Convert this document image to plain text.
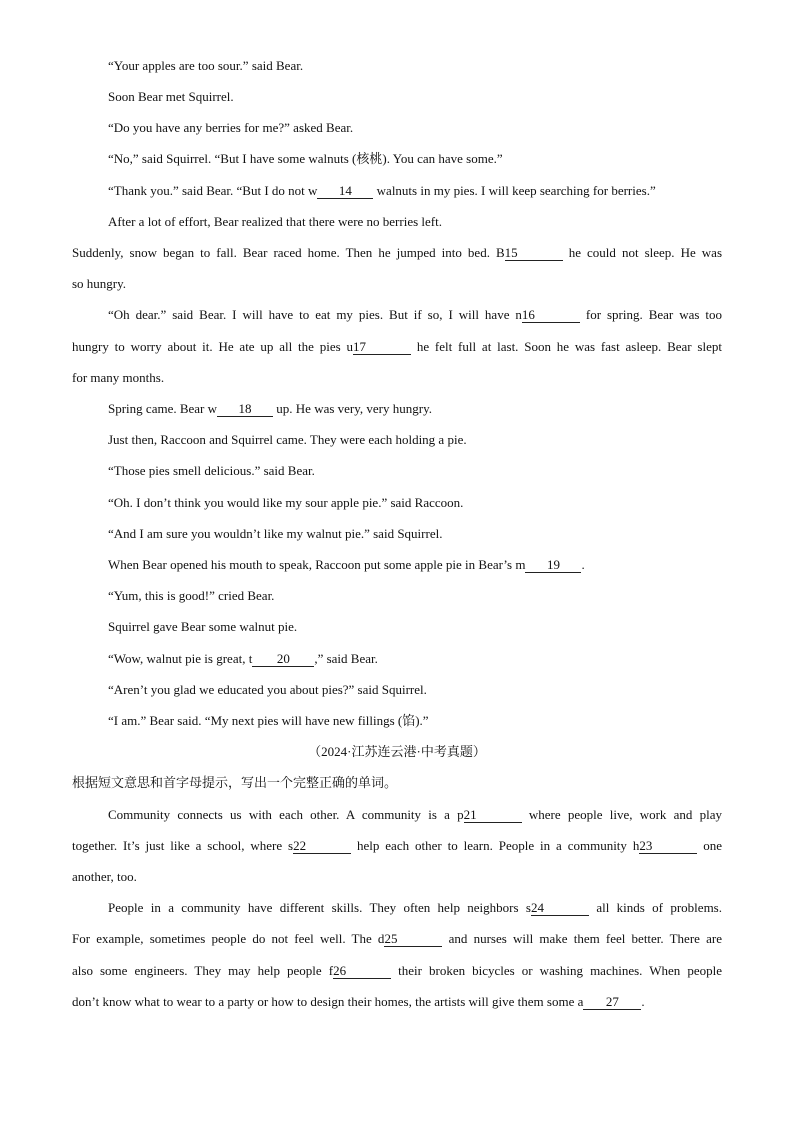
“Your apples are too sour.” said Bear.
Soon Bear met Squirrel.
“Do you have any berries for me?” asked Bear.
“No,” said Squirrel. “But I have some walnuts (核桃). You can have some.”
“Thank you.” said Bear. “But I do not w 14 walnuts in my pies. I will keep searching for berries.”
After a lot of effort, Bear realized that there were no berries left.
Suddenly, snow began to fall. Bear raced home. Then he jumped into bed. B15	he could not sleep. He was
so hungry.
“Oh dear.” said Bear. I will have to eat my pies. But if so, I will have n16	for spring. Bear was too
hungry to worry about it. He ate up all the pies u17	he felt full at last. Soon he was fast asleep. Bear slept
for many months.
Spring came. Bear w 18 up. He was very, very hungry.
Just then, Raccoon and Squirrel came. They were each holding a pie.
“Those pies smell delicious.” said Bear.
“Oh. I don’t think you would like my sour apple pie.” said Raccoon.
“And I am sure you wouldn’t like my walnut pie.” said Squirrel.
When Bear opened his mouth to speak, Raccoon put some apple pie in Bear’s m 19 .
“Yum, this is good!” cried Bear.
Squirrel gave Bear some walnut pie.
“Wow, walnut pie is great, t 20 ,” said Bear.
“Aren’t you glad we educated you about pies?” said Squirrel.
“I am.” Bear said. “My next pies will have new fillings (馅).”
（2024·江苏连云港·中考真题）
根据短文意思和首字母提示，写出一个完整正确的单词。
Community connects us with each other. A community is a p21	where people live, work and play
together. It’s just like a school, where s22	help each other to learn. People in a community h23	one
another, too.
People in a community have different skills. They often help neighbors s24	all kinds of problems.
For example, sometimes people do not feel well. The d25	and nurses will make them feel better. There are
also some engineers. They may help people f26	their broken bicycles or washing machines. When people
don’t know what to wear to a party or how to design their homes, the artists will give them some a 27 .
